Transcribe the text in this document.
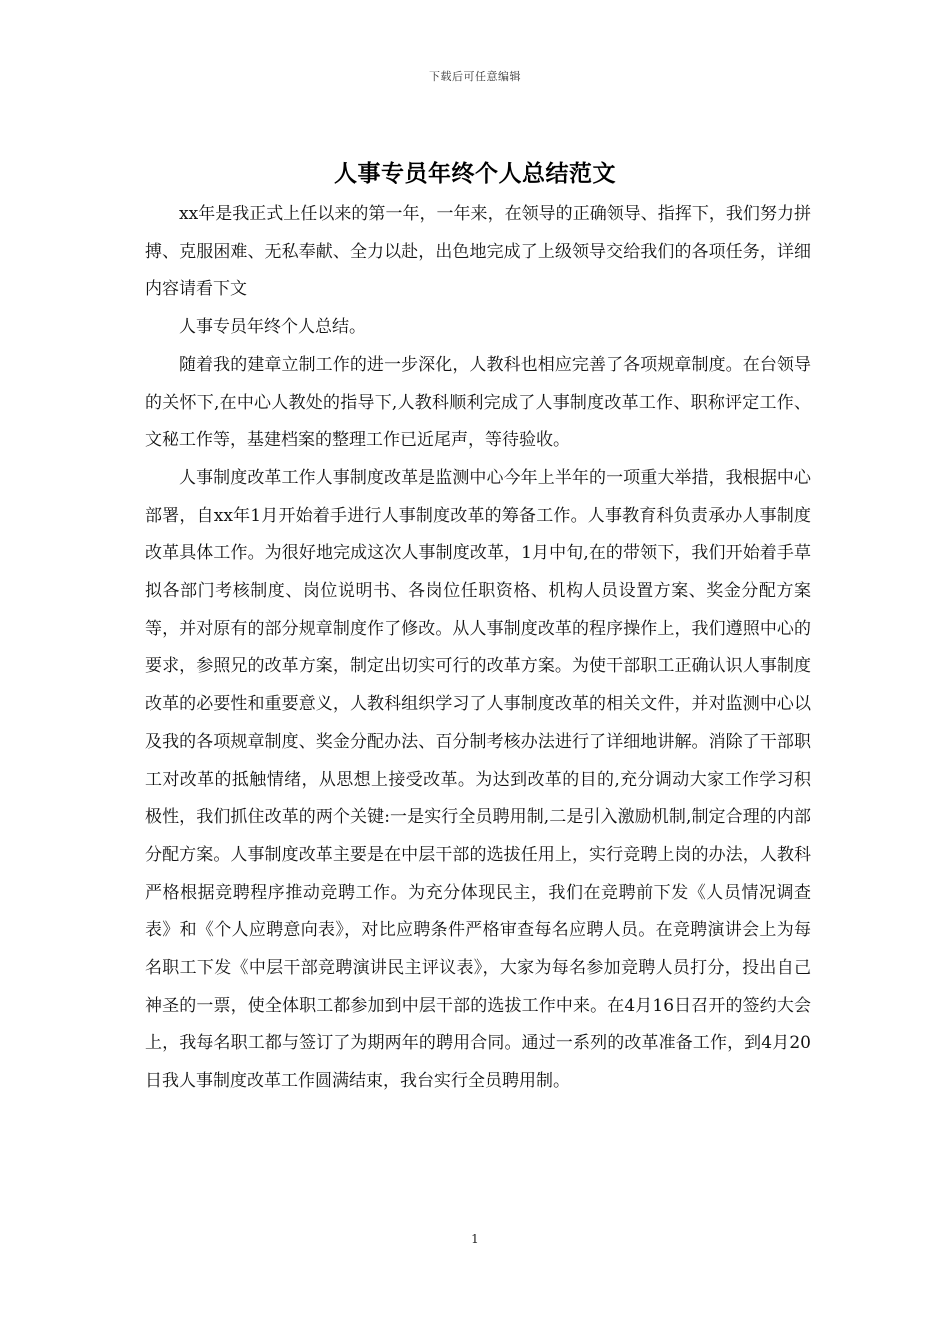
下载后可任意编辑
人事专员年终个人总结范文

xx年是我正式上任以来的第一年，一年来，在领导的正确领导、指挥下，我们努力拼搏、克服困难、无私奉献、全力以赴，出色地完成了上级领导交给我们的各项任务，详细内容请看下文

人事专员年终个人总结。

随着我的建章立制工作的进一步深化，人教科也相应完善了各项规章制度。在台领导的关怀下,在中心人教处的指导下,人教科顺利完成了人事制度改革工作、职称评定工作、文秘工作等，基建档案的整理工作已近尾声，等待验收。

人事制度改革工作人事制度改革是监测中心今年上半年的一项重大举措，我根据中心部署，自xx年1月开始着手进行人事制度改革的筹备工作。人事教育科负责承办人事制度改革具体工作。为很好地完成这次人事制度改革，1月中旬,在的带领下，我们开始着手草拟各部门考核制度、岗位说明书、各岗位任职资格、机构人员设置方案、奖金分配方案等，并对原有的部分规章制度作了修改。从人事制度改革的程序操作上，我们遵照中心的要求，参照兄的改革方案，制定出切实可行的改革方案。为使干部职工正确认识人事制度改革的必要性和重要意义，人教科组织学习了人事制度改革的相关文件，并对监测中心以及我的各项规章制度、奖金分配办法、百分制考核办法进行了详细地讲解。消除了干部职工对改革的抵触情绪，从思想上接受改革。为达到改革的目的,充分调动大家工作学习积极性，我们抓住改革的两个关键:一是实行全员聘用制,二是引入激励机制,制定合理的内部分配方案。人事制度改革主要是在中层干部的选拔任用上，实行竞聘上岗的办法，人教科严格根据竞聘程序推动竞聘工作。为充分体现民主，我们在竞聘前下发《人员情况调查表》和《个人应聘意向表》，对比应聘条件严格审查每名应聘人员。在竞聘演讲会上为每名职工下发《中层干部竞聘演讲民主评议表》，大家为每名参加竞聘人员打分，投出自己神圣的一票，使全体职工都参加到中层干部的选拔工作中来。在4月16日召开的签约大会上，我每名职工都与签订了为期两年的聘用合同。通过一系列的改革准备工作，到4月20日我人事制度改革工作圆满结束，我台实行全员聘用制。

1
